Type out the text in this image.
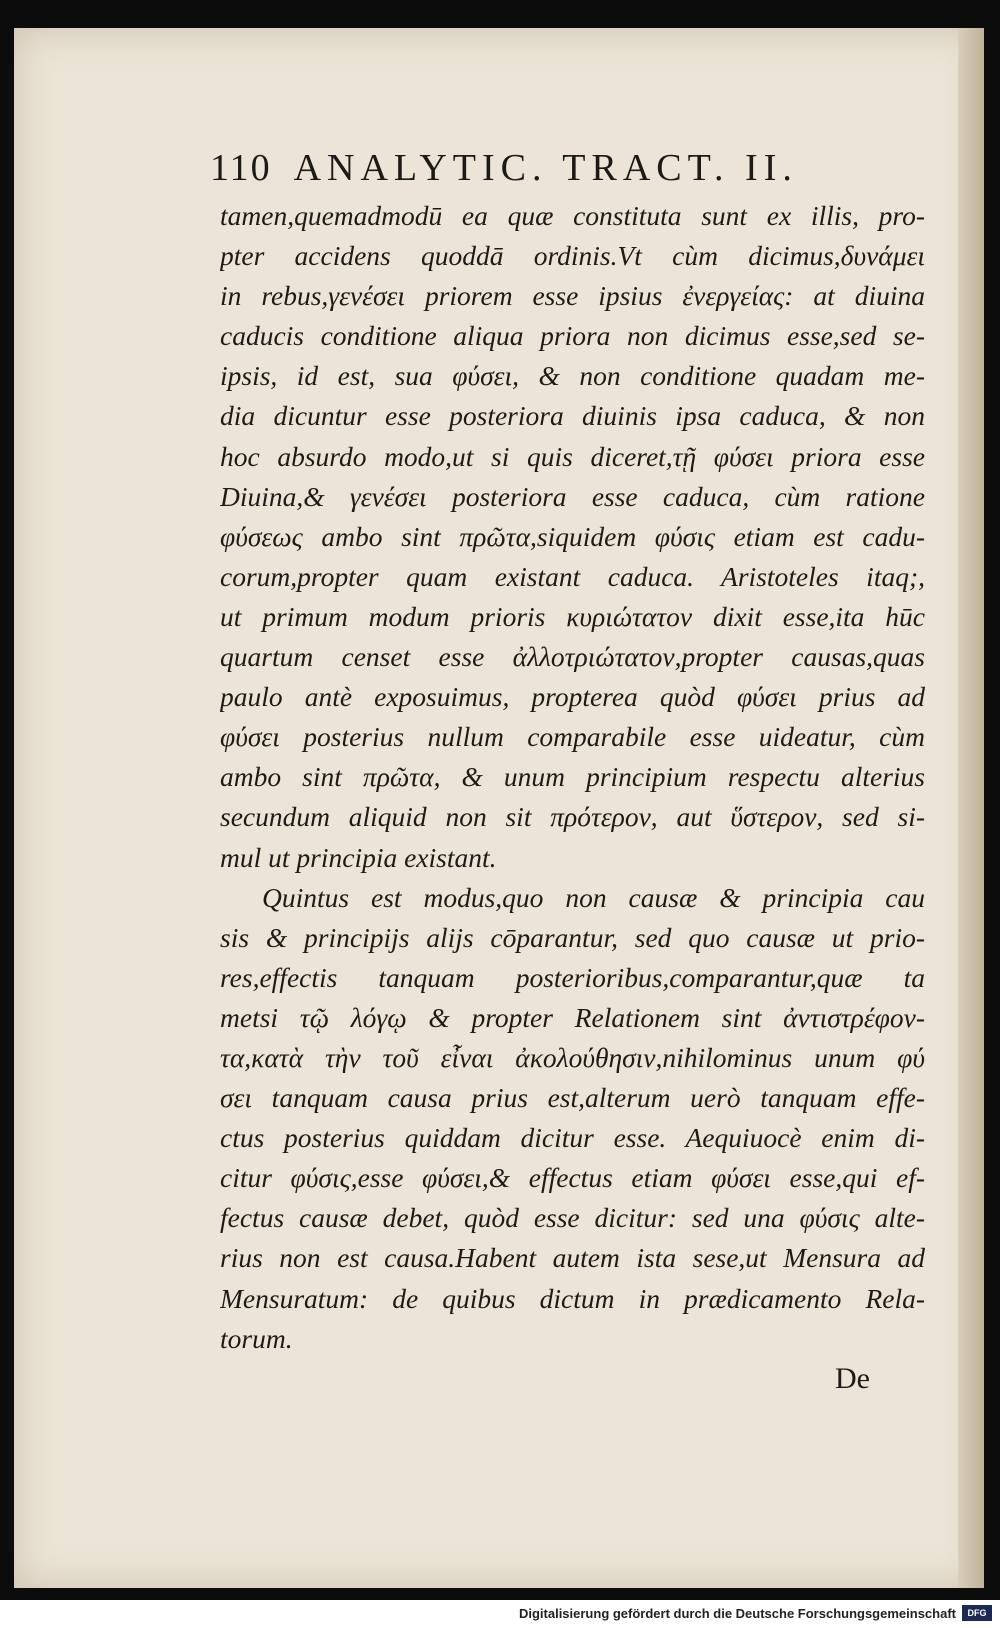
110 ANALYTIC. TRACT. II.
tamen,quemadmodū ea quæ constituta sunt ex illis, pro-
pter accidens quoddā ordinis.Vt cùm dicimus,δυνάμει
in rebus,γενέσει priorem esse ipsius ἐνεργείας: at diuina
caducis conditione aliqua priora non dicimus esse,sed se-
ipsis, id est, sua φύσει, & non conditione quadam me-
dia dicuntur esse posteriora diuinis ipsa caduca, & non
hoc absurdo modo,ut si quis diceret,τῇ φύσει priora esse
Diuina,& γενέσει posteriora esse caduca, cùm ratione
φύσεως ambo sint πρῶτα,siquidem φύσις etiam est cadu-
corum,propter quam existant caduca. Aristoteles itaq;,
ut primum modum prioris κυριώτατον dixit esse,ita hūc
quartum censet esse ἀλλοτριώτατον,propter causas,quas
paulo antè exposuimus, propterea quòd φύσει prius ad
φύσει posterius nullum comparabile esse uideatur, cùm
ambo sint πρῶτα, & unum principium respectu alterius
secundum aliquid non sit πρότερον, aut ὕστερον, sed si-
mul ut principia existant.
Quintus est modus,quo non causæ & principia cau
sis & principijs alijs cōparantur, sed quo causæ ut prio-
res,effectis tanquam posterioribus,comparantur,quæ ta
metsi τῷ λόγῳ & propter Relationem sint ἀντιστρέφον-
τα,κατὰ τὴν τοῦ εἶναι ἀκολούθησιν,nihilominus unum φύ
σει tanquam causa prius est,alterum uerò tanquam effe-
ctus posterius quiddam dicitur esse. Aequiuocè enim di-
citur φύσις,esse φύσει,& effectus etiam φύσει esse,qui ef-
fectus causæ debet, quòd esse dicitur: sed una φύσις alte-
rius non est causa.Habent autem ista sese,ut Mensura ad
Mensuratum: de quibus dictum in prædicamento Rela-
torum.
De
Digitalisierung gefördert durch die Deutsche Forschungsgemeinschaft	DFG
